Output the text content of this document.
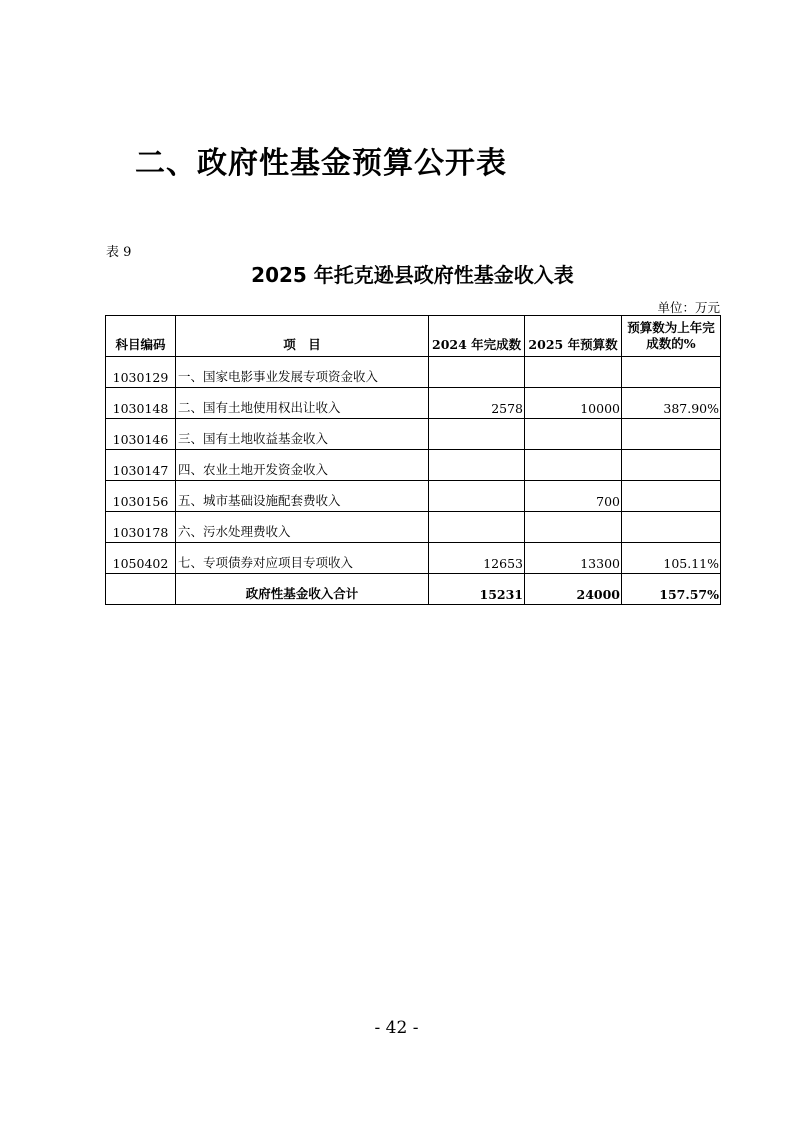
二、政府性基金预算公开表
表 9
2025 年托克逊县政府性基金收入表
单位：万元
科目编码	项　目	2024 年完成数	2025 年预算数	预算数为上年完成数的%
1030129	一、国家电影事业发展专项资金收入			
1030148	二、国有土地使用权出让收入	2578	10000	387.90%
1030146	三、国有土地收益基金收入			
1030147	四、农业土地开发资金收入			
1030156	五、城市基础设施配套费收入		700	
1030178	六、污水处理费收入			
1050402	七、专项债券对应项目专项收入	12653	13300	105.11%
	政府性基金收入合计	15231	24000	157.57%
- 42 -
